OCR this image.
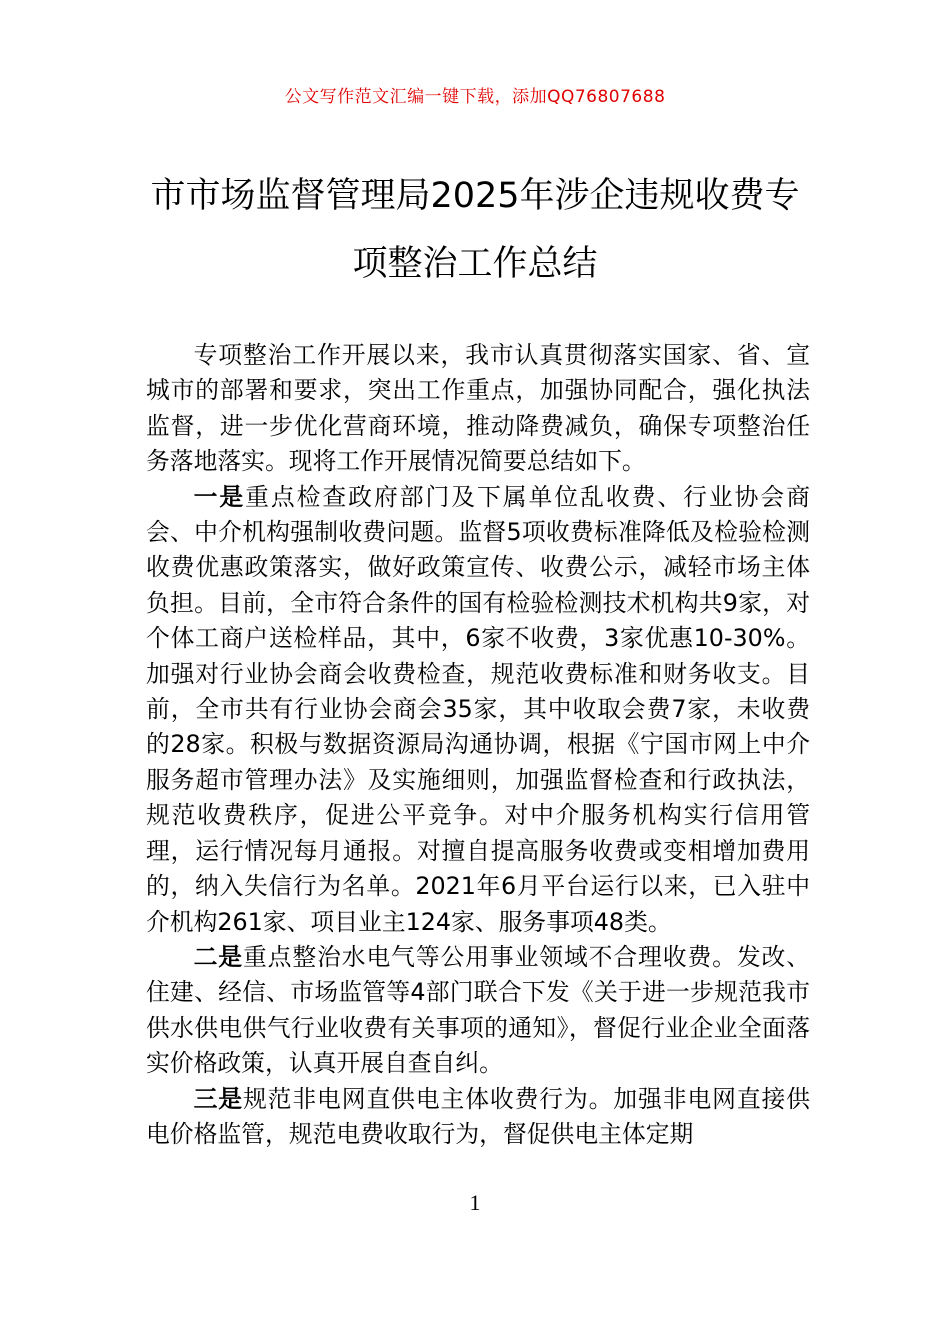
公文写作范文汇编一键下载，添加QQ76807688
市市场监督管理局2025年涉企违规收费专
项整治工作总结

专项整治工作开展以来，我市认真贯彻落实国家、省、宣城市的部署和要求，突出工作重点，加强协同配合，强化执法监督，进一步优化营商环境，推动降费减负，确保专项整治任务落地落实。现将工作开展情况简要总结如下。

一是重点检查政府部门及下属单位乱收费、行业协会商会、中介机构强制收费问题。监督5项收费标准降低及检验检测收费优惠政策落实，做好政策宣传、收费公示，减轻市场主体负担。目前，全市符合条件的国有检验检测技术机构共9家，对个体工商户送检样品，其中，6家不收费，3家优惠10-30%。加强对行业协会商会收费检查，规范收费标准和财务收支。目前，全市共有行业协会商会35家，其中收取会费7家，未收费的28家。积极与数据资源局沟通协调，根据《宁国市网上中介服务超市管理办法》及实施细则，加强监督检查和行政执法，规范收费秩序，促进公平竞争。对中介服务机构实行信用管理，运行情况每月通报。对擅自提高服务收费或变相增加费用的，纳入失信行为名单。2021年6月平台运行以来，已入驻中介机构261家、项目业主124家、服务事项48类。

二是重点整治水电气等公用事业领域不合理收费。发改、住建、经信、市场监管等4部门联合下发《关于进一步规范我市供水供电供气行业收费有关事项的通知》，督促行业企业全面落实价格政策，认真开展自查自纠。

三是规范非电网直供电主体收费行为。加强非电网直接供电价格监管，规范电费收取行为，督促供电主体定期

1
